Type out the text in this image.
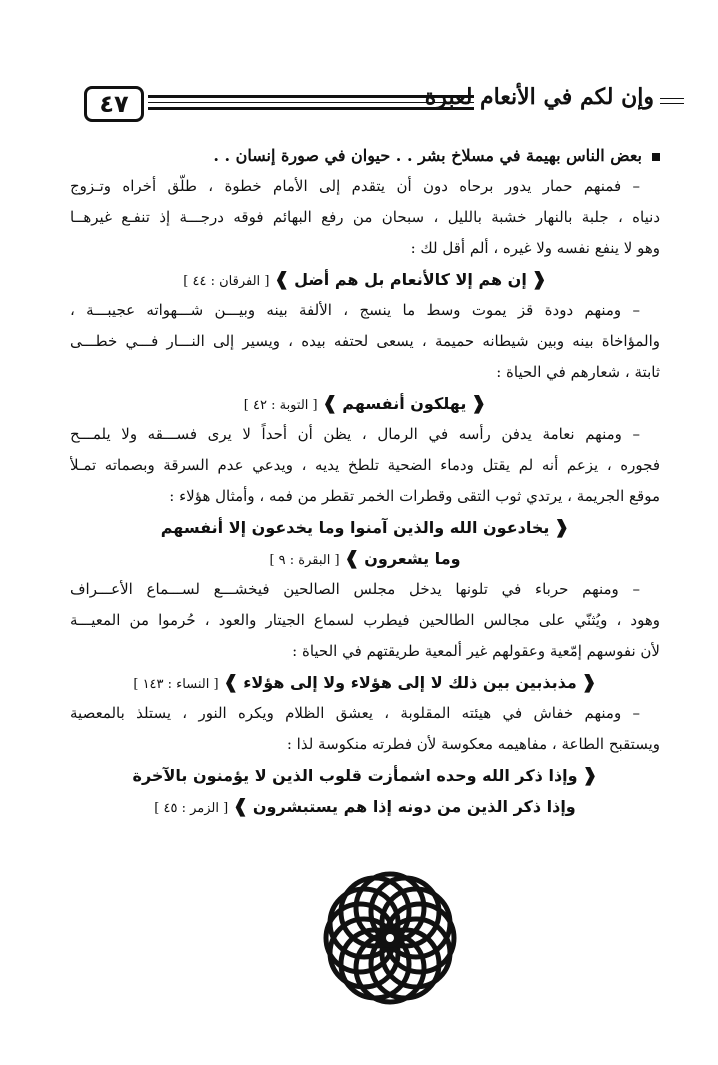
٤٧	وإن لكم في الأنعام لعبرة
بعض الناس بهيمة في مسلاخ بشر . . حيوان في صورة إنسان . .
– فمنهم حمار يدور برحاه دون أن يتقدم إلى الأمام خطوة ، طلّق أخراه وتـزوج
دنياه ، جلبة بالنهار خشبة بالليل ، سبحان من رفع البهائم فوقه درجـــة إذ تنفـع غيرهــا
وهو لا ينفع نفسه ولا غيره ، ألم أقل لك :
❰ إن هم إلا كالأنعام بل هم أضل ❱ [ الفرقان : ٤٤ ]
– ومنهم دودة قز يموت وسط ما ينسج ، الألفة بينه وبيـــن شـــهواته عجيبـــة ،
والمؤاخاة بينه وبين شيطانه حميمة ، يسعى لحتفه بيده ، ويسير إلى النـــار فـــي خطـــى
ثابتة ، شعارهم في الحياة :
❰ يهلكون أنفسهم ❱ [ التوبة : ٤٢ ]
– ومنهم نعامة يدفن رأسه في الرمال ، يظن أن أحداً لا يرى فســـقه ولا يلمـــح
فجوره ، يزعم أنه لم يقتل ودماء الضحية تلطخ يديه ، ويدعي عدم السرقة وبصماته تمـلأ
موقع الجريمة ، يرتدي ثوب التقى وقطرات الخمر تقطر من فمه ، وأمثال هؤلاء :
❰ يخادعون الله والذين آمنوا وما يخدعون إلا أنفسهم
وما يشعرون ❱ [ البقرة : ٩ ]
– ومنهم حرباء في تلونها يدخل مجلس الصالحين فيخشـــع لســـماع الأعـــراف
وهود ، ويُثنّي على مجالس الطالحين فيطرب لسماع الجيتار والعود ، حُرموا من المعيـــة
لأن نفوسهم إمّعية وعقولهم غير ألمعية طريقتهم في الحياة :
❰ مذبذبين بين ذلك لا إلى هؤلاء ولا إلى هؤلاء ❱ [ النساء : ١٤٣ ]
– ومنهم خفاش في هيئته المقلوبة ، يعشق الظلام ويكره النور ، يستلذ بالمعصية
ويستقبح الطاعة ، مفاهيمه معكوسة لأن فطرته منكوسة لذا :
❰ وإذا ذكر الله وحده اشمأزت قلوب الذين لا يؤمنون بالآخرة
وإذا ذكر الذين من دونه إذا هم يستبشرون ❱ [ الزمر : ٤٥ ]
